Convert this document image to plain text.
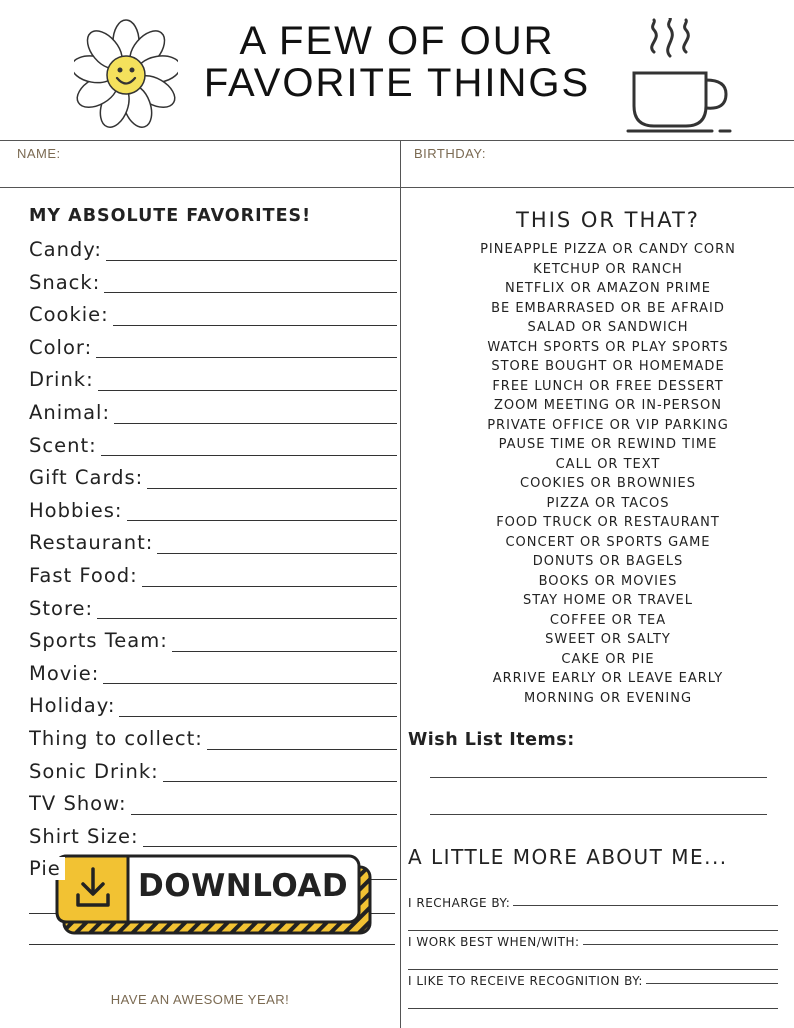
A FEW OF OUR
FAVORITE THINGS
NAME:	BIRTHDAY:
MY ABSOLUTE FAVORITES!
Candy:
Snack:
Cookie:
Color:
Drink:
Animal:
Scent:
Gift Cards:
Hobbies:
Restaurant:
Fast Food:
Store:
Sports Team:
Movie:
Holiday:
Thing to collect:
Sonic Drink:
TV Show:
Shirt Size:
Pie
HAVE AN AWESOME YEAR!
THIS OR THAT?
PINEAPPLE PIZZA OR CANDY CORN
KETCHUP OR RANCH
NETFLIX OR AMAZON PRIME
BE EMBARRASED OR BE AFRAID
SALAD OR SANDWICH
WATCH SPORTS OR PLAY SPORTS
STORE BOUGHT OR HOMEMADE
FREE LUNCH OR FREE DESSERT
ZOOM MEETING OR IN-PERSON
PRIVATE OFFICE OR VIP PARKING
PAUSE TIME OR REWIND TIME
CALL OR TEXT
COOKIES OR BROWNIES
PIZZA OR TACOS
FOOD TRUCK OR RESTAURANT
CONCERT OR SPORTS GAME
DONUTS OR BAGELS
BOOKS OR MOVIES
STAY HOME OR TRAVEL
COFFEE OR TEA
SWEET OR SALTY
CAKE OR PIE
ARRIVE EARLY OR LEAVE EARLY
MORNING OR EVENING
Wish List Items:
A LITTLE MORE ABOUT ME...
I RECHARGE BY:
I WORK BEST WHEN/WITH:
I LIKE TO RECEIVE RECOGNITION BY:
DOWNLOAD
